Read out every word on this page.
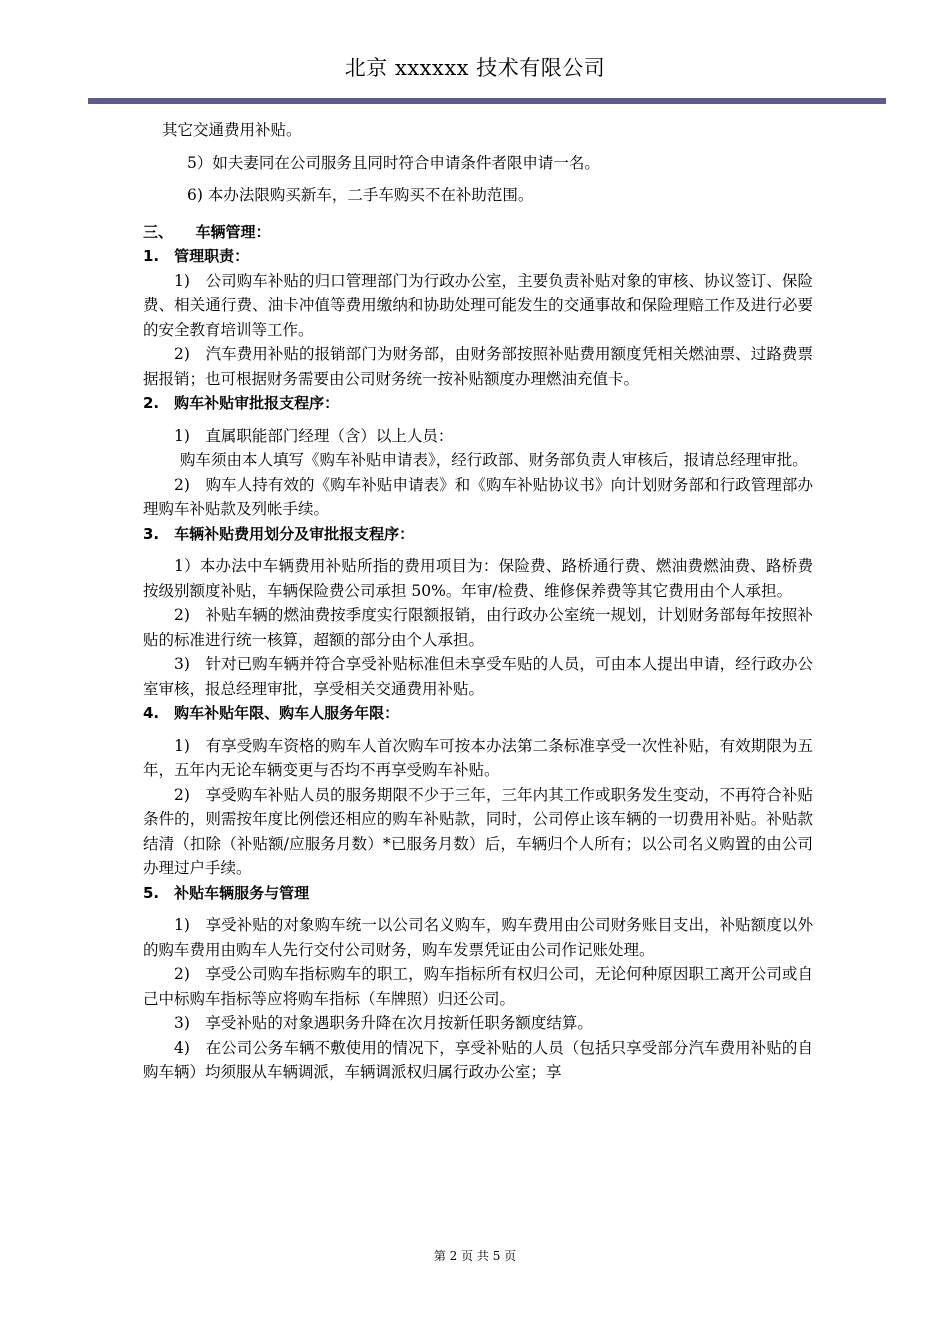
北京 xxxxxx 技术有限公司

其它交通费用补贴。

5）如夫妻同在公司服务且同时符合申请条件者限申请一名。

6) 本办法限购买新车，二手车购买不在补助范围。

三、　　车辆管理：

1.　管理职责：

1)　公司购车补贴的归口管理部门为行政办公室，主要负责补贴对象的审核、协议签订、保险费、相关通行费、油卡冲值等费用缴纳和协助处理可能发生的交通事故和保险理赔工作及进行必要的安全教育培训等工作。

2)　汽车费用补贴的报销部门为财务部，由财务部按照补贴费用额度凭相关燃油票、过路费票据报销；也可根据财务需要由公司财务统一按补贴额度办理燃油充值卡。

2.　购车补贴审批报支程序：

1)　直属职能部门经理（含）以上人员：

购车须由本人填写《购车补贴申请表》，经行政部、财务部负责人审核后，报请总经理审批。

2)　购车人持有效的《购车补贴申请表》和《购车补贴协议书》向计划财务部和行政管理部办理购车补贴款及列帐手续。

3.　车辆补贴费用划分及审批报支程序：

1）本办法中车辆费用补贴所指的费用项目为：保险费、路桥通行费、燃油费燃油费、路桥费按级别额度补贴，车辆保险费公司承担 50%。年审/检费、维修保养费等其它费用由个人承担。

2)　补贴车辆的燃油费按季度实行限额报销，由行政办公室统一规划，计划财务部每年按照补贴的标准进行统一核算，超额的部分由个人承担。

3)　针对已购车辆并符合享受补贴标准但未享受车贴的人员，可由本人提出申请，经行政办公室审核，报总经理审批，享受相关交通费用补贴。

4.　购车补贴年限、购车人服务年限：

1)　有享受购车资格的购车人首次购车可按本办法第二条标准享受一次性补贴，有效期限为五年，五年内无论车辆变更与否均不再享受购车补贴。

2)　享受购车补贴人员的服务期限不少于三年，三年内其工作或职务发生变动，不再符合补贴条件的，则需按年度比例偿还相应的购车补贴款，同时，公司停止该车辆的一切费用补贴。补贴款结清（扣除（补贴额/应服务月数）*已服务月数）后，车辆归个人所有；以公司名义购置的由公司办理过户手续。

5.　补贴车辆服务与管理

1)　享受补贴的对象购车统一以公司名义购车，购车费用由公司财务账目支出，补贴额度以外的购车费用由购车人先行交付公司财务，购车发票凭证由公司作记账处理。

2)　享受公司购车指标购车的职工，购车指标所有权归公司，无论何种原因职工离开公司或自己中标购车指标等应将购车指标（车牌照）归还公司。

3)　享受补贴的对象遇职务升降在次月按新任职务额度结算。

4)　在公司公务车辆不敷使用的情况下，享受补贴的人员（包括只享受部分汽车费用补贴的自购车辆）均须服从车辆调派，车辆调派权归属行政办公室；享

第 2 页 共 5 页
